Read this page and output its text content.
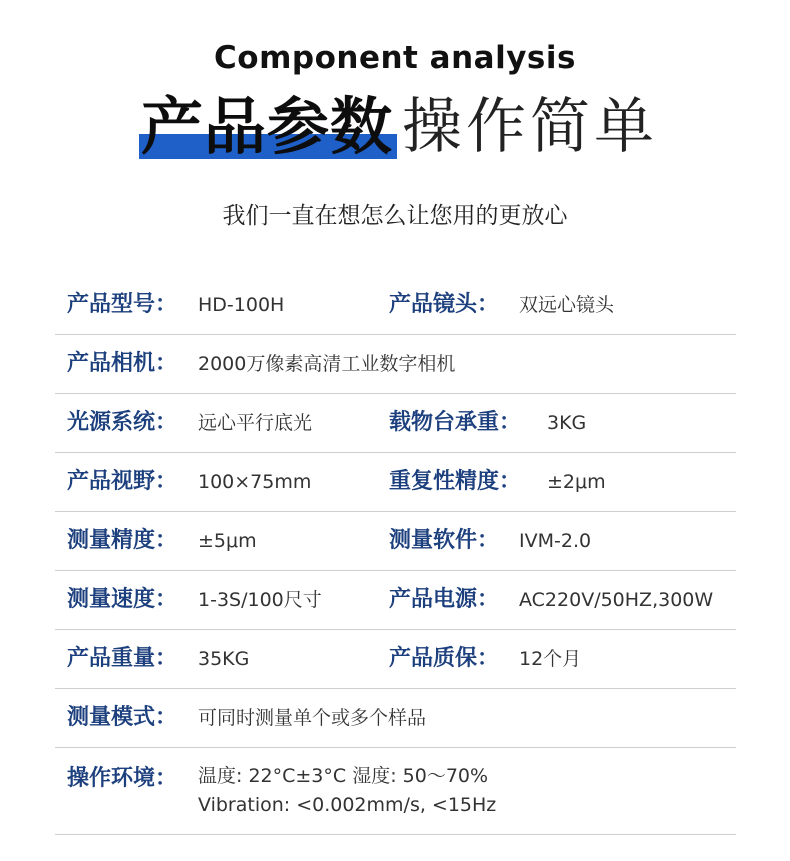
Component analysis
产品参数 操作简单
我们一直在想怎么让您用的更放心
产品型号： HD-100H	产品镜头： 双远心镜头
产品相机： 2000万像素高清工业数字相机
光源系统： 远心平行底光	载物台承重： 3KG
产品视野： 100×75mm	重复性精度： ±2μm
测量精度： ±5μm	测量软件： IVM-2.0
测量速度： 1-3S/100尺寸	产品电源： AC220V/50HZ,300W
产品重量： 35KG	产品质保： 12个月
测量模式： 可同时测量单个或多个样品
操作环境： 温度: 22°C±3°C 湿度: 50～70%
Vibration: <0.002mm/s, <15Hz
